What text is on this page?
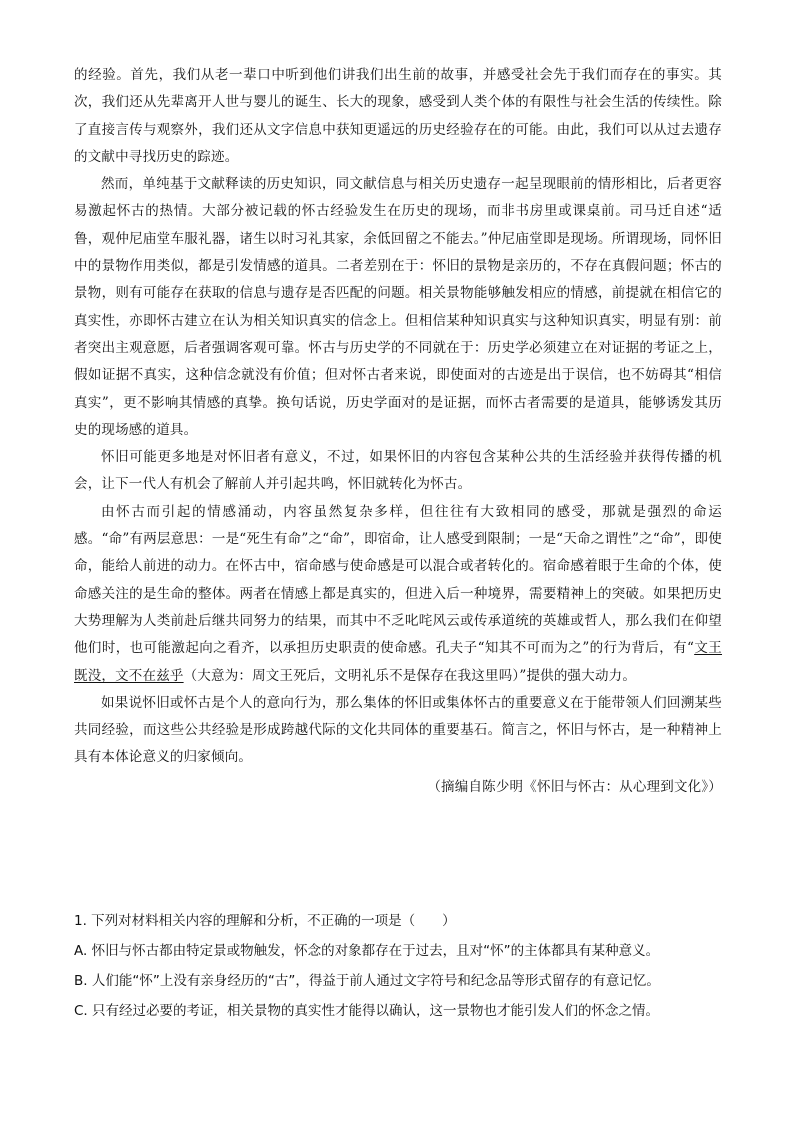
的经验。首先，我们从老一辈口中听到他们讲我们出生前的故事，并感受社会先于我们而存在的事实。其次，我们还从先辈离开人世与婴儿的诞生、长大的现象，感受到人类个体的有限性与社会生活的传续性。除了直接言传与观察外，我们还从文字信息中获知更遥远的历史经验存在的可能。由此，我们可以从过去遗存的文献中寻找历史的踪迹。

然而，单纯基于文献释读的历史知识，同文献信息与相关历史遗存一起呈现眼前的情形相比，后者更容易激起怀古的热情。大部分被记载的怀古经验发生在历史的现场，而非书房里或课桌前。司马迁自述“适鲁，观仲尼庙堂车服礼器，诸生以时习礼其家，余低回留之不能去。”仲尼庙堂即是现场。所谓现场，同怀旧中的景物作用类似，都是引发情感的道具。二者差别在于：怀旧的景物是亲历的，不存在真假问题；怀古的景物，则有可能存在获取的信息与遗存是否匹配的问题。相关景物能够触发相应的情感，前提就在相信它的真实性，亦即怀古建立在认为相关知识真实的信念上。但相信某种知识真实与这种知识真实，明显有别：前者突出主观意愿，后者强调客观可靠。怀古与历史学的不同就在于：历史学必须建立在对证据的考证之上，假如证据不真实，这种信念就没有价值；但对怀古者来说，即使面对的古迹是出于误信，也不妨碍其“相信真实”，更不影响其情感的真挚。换句话说，历史学面对的是证据，而怀古者需要的是道具，能够诱发其历史的现场感的道具。

怀旧可能更多地是对怀旧者有意义，不过，如果怀旧的内容包含某种公共的生活经验并获得传播的机会，让下一代人有机会了解前人并引起共鸣，怀旧就转化为怀古。

由怀古而引起的情感涌动，内容虽然复杂多样，但往往有大致相同的感受，那就是强烈的命运感。“命”有两层意思：一是“死生有命”之“命”，即宿命，让人感受到限制；一是“天命之谓性”之“命”，即使命，能给人前进的动力。在怀古中，宿命感与使命感是可以混合或者转化的。宿命感着眼于生命的个体，使命感关注的是生命的整体。两者在情感上都是真实的，但进入后一种境界，需要精神上的突破。如果把历史大势理解为人类前赴后继共同努力的结果，而其中不乏叱咤风云或传承道统的英雄或哲人，那么我们在仰望他们时，也可能激起向之看齐，以承担历史职责的使命感。孔夫子“知其不可而为之”的行为背后，有“文王既没，文不在兹乎（大意为：周文王死后，文明礼乐不是保存在我这里吗）”提供的强大动力。

如果说怀旧或怀古是个人的意向行为，那么集体的怀旧或集体怀古的重要意义在于能带领人们回溯某些共同经验，而这些公共经验是形成跨越代际的文化共同体的重要基石。简言之，怀旧与怀古，是一种精神上具有本体论意义的归家倾向。

（摘编自陈少明《怀旧与怀古：从心理到文化》）

1. 下列对材料相关内容的理解和分析，不正确的一项是（　　）

A. 怀旧与怀古都由特定景或物触发，怀念的对象都存在于过去，且对“怀”的主体都具有某种意义。

B. 人们能“怀”上没有亲身经历的“古”，得益于前人通过文字符号和纪念品等形式留存的有意记忆。

C. 只有经过必要的考证，相关景物的真实性才能得以确认，这一景物也才能引发人们的怀念之情。
